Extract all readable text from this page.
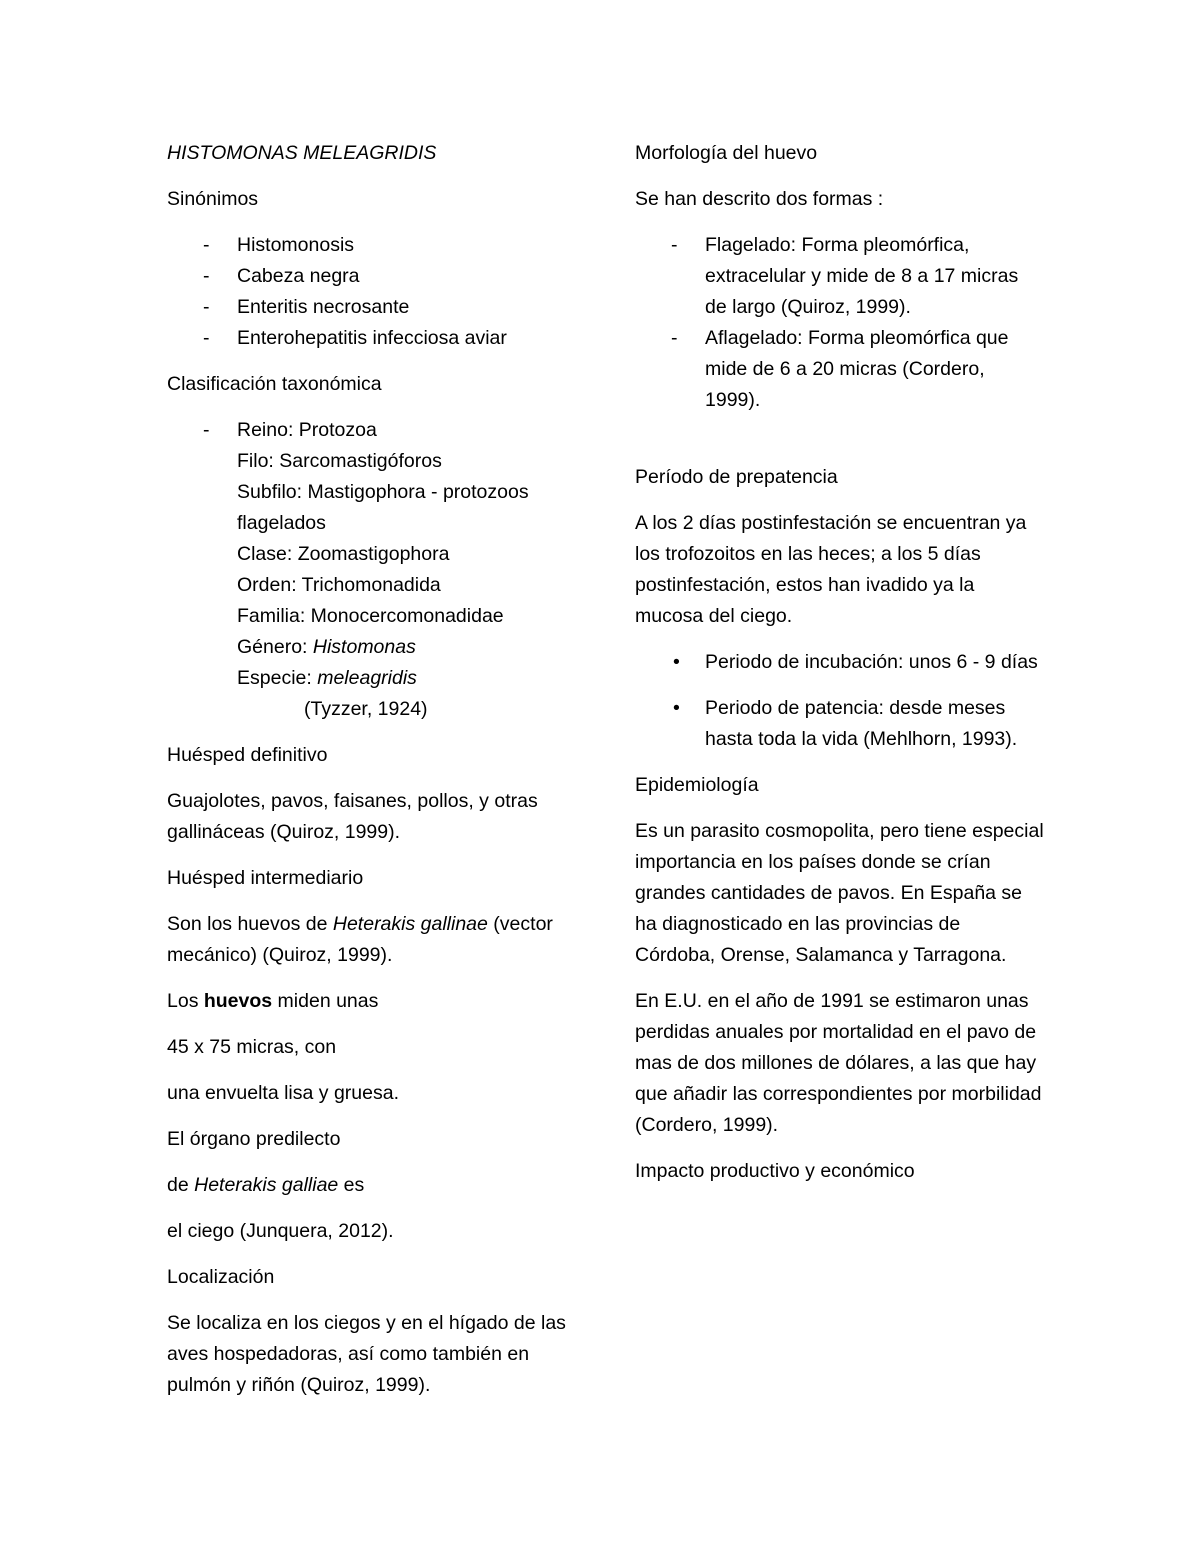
HISTOMONAS MELEAGRIDIS

Sinónimos

-	Histomonosis
-	Cabeza negra
-	Enteritis necrosante
-	Enterohepatitis infecciosa aviar

Clasificación taxonómica

- Reino: Protozoa
Filo: Sarcomastigóforos
Subfilo: Mastigophora - protozoos flagelados
Clase: Zoomastigophora
Orden: Trichomonadida
Familia: Monocercomonadidae
Género: Histomonas
Especie: meleagridis
(Tyzzer, 1924)

Huésped definitivo

Guajolotes, pavos, faisanes, pollos, y otras gallináceas (Quiroz, 1999).

Huésped intermediario

Son los huevos de Heterakis gallinae (vector mecánico) (Quiroz, 1999).

Los huevos miden unas

45 x 75 micras, con

una envuelta lisa y gruesa.

El órgano predilecto

de Heterakis galliae es

el ciego (Junquera, 2012).

Localización

Se localiza en los ciegos y en el hígado de las aves hospedadoras, así como también en pulmón y riñón (Quiroz, 1999).

Morfología del huevo

Se han descrito dos formas :

-	Flagelado: Forma pleomórfica, extracelular y mide de 8 a 17 micras de largo (Quiroz, 1999).
-	Aflagelado: Forma pleomórfica que mide de 6 a 20 micras (Cordero, 1999).

Período de prepatencia

A los 2 días postinfestación se encuentran ya los trofozoitos en las heces; a los 5 días postinfestación, estos han ivadido ya la mucosa del ciego.

• Periodo de incubación: unos 6 - 9 días
• Periodo de patencia: desde meses hasta toda la vida (Mehlhorn, 1993).

Epidemiología

Es un parasito cosmopolita, pero tiene especial importancia en los países donde se crían grandes cantidades de pavos. En España se ha diagnosticado en las provincias de Córdoba, Orense, Salamanca y Tarragona.

En E.U. en el año de 1991 se estimaron unas perdidas anuales por mortalidad en el pavo de mas de dos millones de dólares, a las que hay que añadir las correspondientes por morbilidad (Cordero, 1999).

Impacto productivo y económico
